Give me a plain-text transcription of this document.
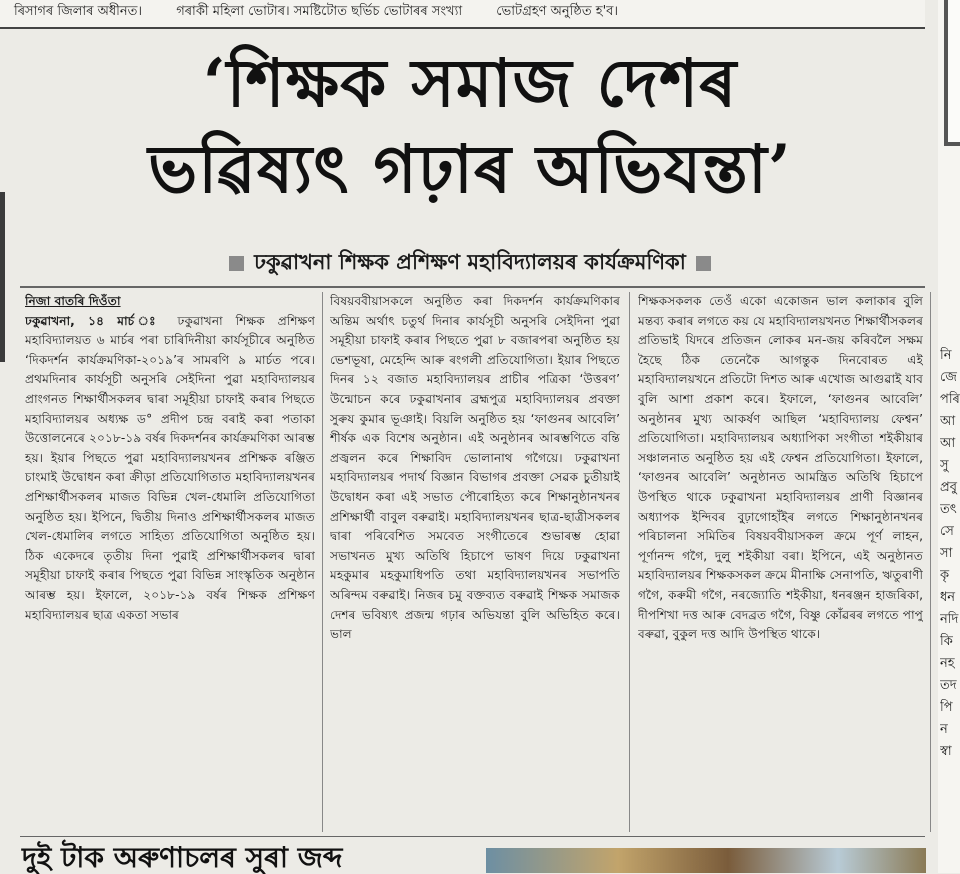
ৰিসাগৰ জিলাৰ অধীনত।	গৰাকী মহিলা ভোটাৰ। সমষ্টিটোত ছৰ্ভিচ ভোটাৰৰ সংখ্যা	ভোটগ্ৰহণ অনুষ্ঠিত হ'ব।
‘শিক্ষক সমাজ দেশৰ
ভৱিষ্যৎ গঢ়াৰ অভিযন্তা’
ঢকুৱাখনা শিক্ষক প্ৰশিক্ষণ মহাবিদ্যালয়ৰ কাৰ্যক্ৰমণিকা
নিজা বাতৰি দিওঁতা
ঢকুৱাখনা, ১৪ মাৰ্চ ঃ ঢকুৱাখনা শিক্ষক প্ৰশিক্ষণ মহাবিদ্যালয়ত ৬ মাৰ্চৰ পৰা চাৰিদিনীয়া কাৰ্যসূচীৰে অনুষ্ঠিত ‘দিকদৰ্শন কাৰ্যক্ৰমণিকা-২০১৯’ৰ সামৰণি ৯ মাৰ্চত পৰে। প্ৰথমদিনাৰ কাৰ্যসূচী অনুসৰি সেইদিনা পুৱা মহাবিদ্যালয়ৰ প্ৰাংগনত শিক্ষাৰ্থীসকলৰ দ্বাৰা সমূহীয়া চাফাই কৰাৰ পিছতে মহাবিদ্যালয়ৰ অধ্যক্ষ ড° প্ৰদীপ চন্দ্ৰ বৰাই কৰা পতাকা উত্তোলনেৰে ২০১৮-১৯ বৰ্ষৰ দিকদৰ্শনৰ কাৰ্যক্ৰমণিকা আৰম্ভ হয়। ইয়াৰ পিছতে পুৱা মহাবিদ্যালয়খনৰ প্ৰশিক্ষক ৰঞ্জিত চাংমাই উদ্বোধন কৰা ক্ৰীড়া প্ৰতিযোগিতাত মহাবিদ্যালয়খনৰ প্ৰশিক্ষাৰ্থীসকলৰ মাজত বিভিন্ন খেল-ধেমালি প্ৰতিযোগিতা অনুষ্ঠিত হয়। ইপিনে, দ্বিতীয় দিনাও প্ৰশিক্ষাৰ্থীসকলৰ মাজত খেল-ধেমালিৰ লগতে সাহিত্য প্ৰতিযোগিতা অনুষ্ঠিত হয়। ঠিক একেদৰে তৃতীয় দিনা পুৱাই প্ৰশিক্ষাৰ্থীসকলৰ দ্বাৰা সমূহীয়া চাফাই কৰাৰ পিছতে পুৱা বিভিন্ন সাংস্কৃতিক অনুষ্ঠান আৰম্ভ হয়। ইফালে, ২০১৮-১৯ বৰ্ষৰ শিক্ষক প্ৰশিক্ষণ মহাবিদ্যালয়ৰ ছাত্ৰ একতা সভাৰ
বিষয়ববীয়াসকলে অনুষ্ঠিত কৰা দিকদৰ্শন কাৰ্যক্ৰমণিকাৰ অন্তিম অৰ্থাৎ চতুৰ্থ দিনাৰ কাৰ্যসূচী অনুসৰি সেইদিনা পুৱা সমূহীয়া চাফাই কৰাৰ পিছতে পুৱা ৮ বজাৰপৰা অনুষ্ঠিত হয় ভেশভূষা, মেহেন্দি আৰু ৰংগলী প্ৰতিযোগিতা। ইয়াৰ পিছতে দিনৰ ১২ বজাত মহাবিদ্যালয়ৰ প্ৰাচীৰ পত্ৰিকা ‘উত্তৰণ’ উন্মোচন কৰে ঢকুৱাখনাৰ ব্ৰহ্মপুত্ৰ মহাবিদ্যালয়ৰ প্ৰবক্তা সুৰুয কুমাৰ ভূঞাই। বিয়লি অনুষ্ঠিত হয় ‘ফাগুনৰ আবেলি’ শীৰ্ষক এক বিশেষ অনুষ্ঠান। এই অনুষ্ঠানৰ আৰম্ভণিতে বন্তি প্ৰজ্বলন কৰে শিক্ষাবিদ ভোলানাথ গগৈয়ে। ঢকুৱাখনা মহাবিদ্যালয়ৰ পদাৰ্থ বিজ্ঞান বিভাগৰ প্ৰবক্তা সেৱক চুতীয়াই উদ্বোধন কৰা এই সভাত পৌৰোহিত্য কৰে শিক্ষানুষ্ঠানখনৰ প্ৰশিক্ষাৰ্থী বাবুল বৰুৱাই। মহাবিদ্যালয়খনৰ ছাত্ৰ-ছাত্ৰীসকলৰ দ্বাৰা পৰিবেশিত সমবেত সংগীতেৰে শুভাৰম্ভ হোৱা সভাখনত মুখ্য অতিথি হিচাপে ভাষণ দিয়ে ঢকুৱাখনা মহকুমাৰ মহকুমাধিপতি তথা মহাবিদ্যালয়খনৰ সভাপতি অৰিন্দম বৰুৱাই। নিজৰ চমু বক্তব্যত বৰুৱাই শিক্ষক সমাজক দেশৰ ভবিষ্যৎ প্ৰজন্ম গঢ়াৰ অভিযন্তা বুলি অভিহিত কৰে। ভাল
শিক্ষকসকলক তেওঁ একো একোজন ভাল কলাকাৰ বুলি মন্তব্য কৰাৰ লগতে কয় যে মহাবিদ্যালয়খনত শিক্ষাৰ্থীসকলৰ প্ৰতিভাই যিদৰে প্ৰতিজন লোকৰ মন-জয় কৰিবলৈ সক্ষম হৈছে ঠিক তেনেকৈ আগন্তুক দিনবোৰত এই মহাবিদ্যালয়খনে প্ৰতিটো দিশত আৰু এখোজ আগুৱাই যাব বুলি আশা প্ৰকাশ কৰে। ইফালে, ‘ফাগুনৰ আবেলি’ অনুষ্ঠানৰ মুখ্য আকৰ্ষণ আছিল ‘মহাবিদ্যালয় ফেশ্বন’ প্ৰতিযোগিতা। মহাবিদ্যালয়ৰ অধ্যাপিকা সংগীতা শইকীয়াৰ সঞ্চালনাত অনুষ্ঠিত হয় এই ফেশ্বন প্ৰতিযোগিতা। ইফালে, ‘ফাগুনৰ আবেলি’ অনুষ্ঠানত আমন্ত্ৰিত অতিথি হিচাপে উপস্থিত থাকে ঢকুৱাখনা মহাবিদ্যালয়ৰ প্ৰাণী বিজ্ঞানৰ অধ্যাপক ইন্দিবৰ বুঢ়াগোহাঁইৰ লগতে শিক্ষানুষ্ঠানখনৰ পৰিচালনা সমিতিৰ বিষয়ববীয়াসকল ক্ৰমে পূৰ্ণ লাহন, পূৰ্ণানন্দ গগৈ, দুলু শইকীয়া বৰা। ইপিনে, এই অনুষ্ঠানত মহাবিদ্যালয়ৰ শিক্ষকসকল ক্ৰমে মীনাক্ষি সেনাপতি, ঋতুৰাণী গগৈ, কৰুমী গগৈ, নৰজ্যোতি শইকীয়া, ধনৰঞ্জন হাজৰিকা, দীপশিখা দত্ত আৰু বেদব্ৰত গগৈ, বিষ্ণু কোঁৱৰৰ লগতে পাপু বৰুৱা, বুকুল দত্ত আদি উপস্থিত থাকে।
নি
জে
পৰি
আ
আ
সু
প্ৰবু
তৎ
সে
সা
কৃ
ধন
নদি
কি
নহ
তদ
পি
ন
স্বা
দুই টাক অৰুণাচলৰ সুৰা জব্দ
